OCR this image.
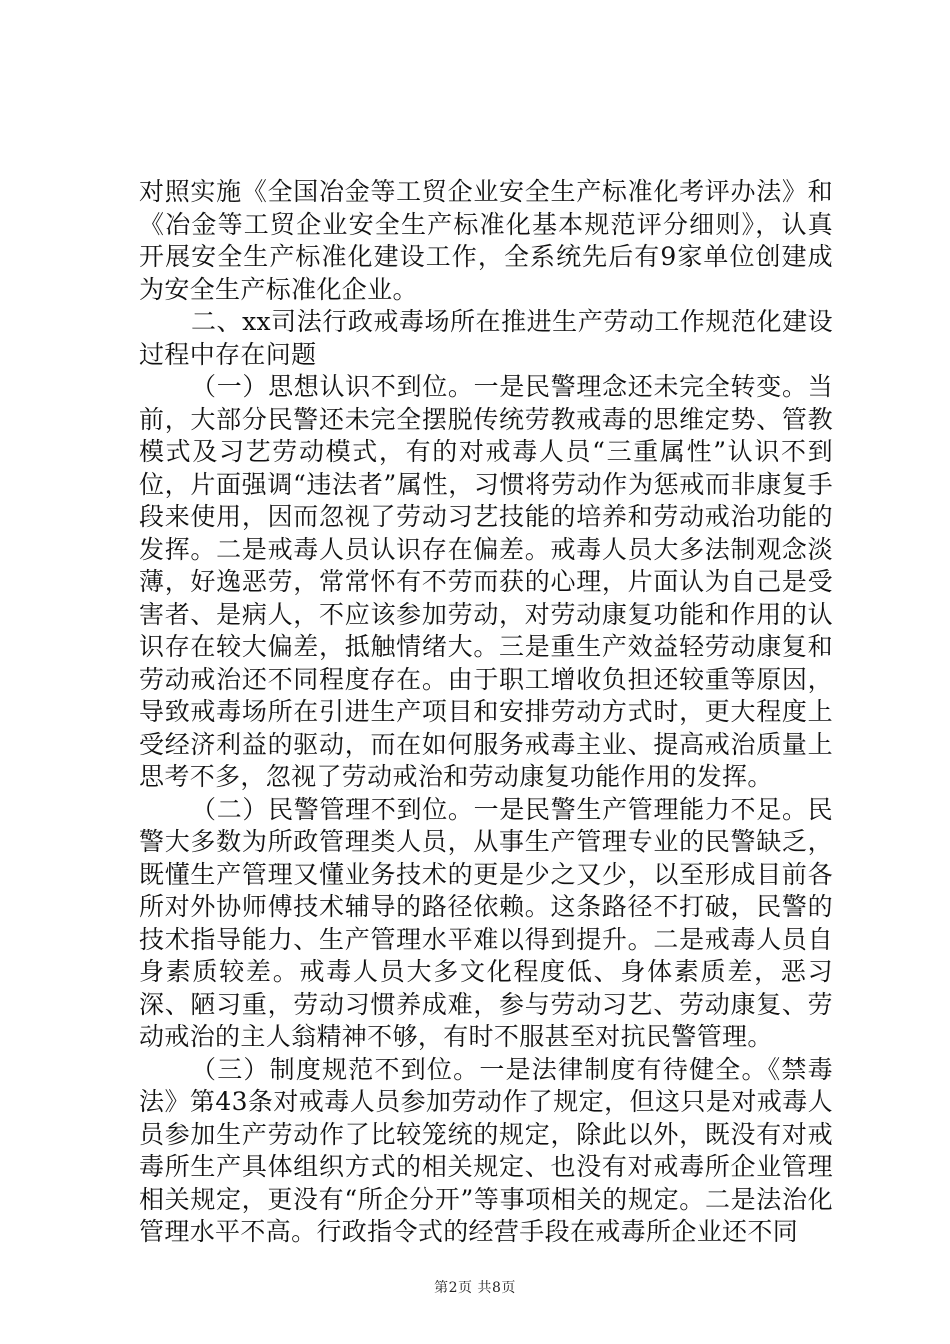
对照实施《全国冶金等工贸企业安全生产标准化考评办法》和《冶金等工贸企业安全生产标准化基本规范评分细则》，认真开展安全生产标准化建设工作，全系统先后有9家单位创建成为安全生产标准化企业。

二、xx司法行政戒毒场所在推进生产劳动工作规范化建设过程中存在问题

（一）思想认识不到位。一是民警理念还未完全转变。当前，大部分民警还未完全摆脱传统劳教戒毒的思维定势、管教模式及习艺劳动模式，有的对戒毒人员“三重属性”认识不到位，片面强调“违法者”属性，习惯将劳动作为惩戒而非康复手段来使用，因而忽视了劳动习艺技能的培养和劳动戒治功能的发挥。二是戒毒人员认识存在偏差。戒毒人员大多法制观念淡薄，好逸恶劳，常常怀有不劳而获的心理，片面认为自己是受害者、是病人，不应该参加劳动，对劳动康复功能和作用的认识存在较大偏差，抵触情绪大。三是重生产效益轻劳动康复和劳动戒治还不同程度存在。由于职工增收负担还较重等原因，导致戒毒场所在引进生产项目和安排劳动方式时，更大程度上受经济利益的驱动，而在如何服务戒毒主业、提高戒治质量上思考不多，忽视了劳动戒治和劳动康复功能作用的发挥。

（二）民警管理不到位。一是民警生产管理能力不足。民警大多数为所政管理类人员，从事生产管理专业的民警缺乏，既懂生产管理又懂业务技术的更是少之又少，以至形成目前各所对外协师傅技术辅导的路径依赖。这条路径不打破，民警的技术指导能力、生产管理水平难以得到提升。二是戒毒人员自身素质较差。戒毒人员大多文化程度低、身体素质差，恶习深、陋习重，劳动习惯养成难，参与劳动习艺、劳动康复、劳动戒治的主人翁精神不够，有时不服甚至对抗民警管理。

（三）制度规范不到位。一是法律制度有待健全。《禁毒法》第43条对戒毒人员参加劳动作了规定，但这只是对戒毒人员参加生产劳动作了比较笼统的规定，除此以外，既没有对戒毒所生产具体组织方式的相关规定、也没有对戒毒所企业管理相关规定，更没有“所企分开”等事项相关的规定。二是法治化管理水平不高。行政指令式的经营手段在戒毒所企业还不同

第2页 共8页
